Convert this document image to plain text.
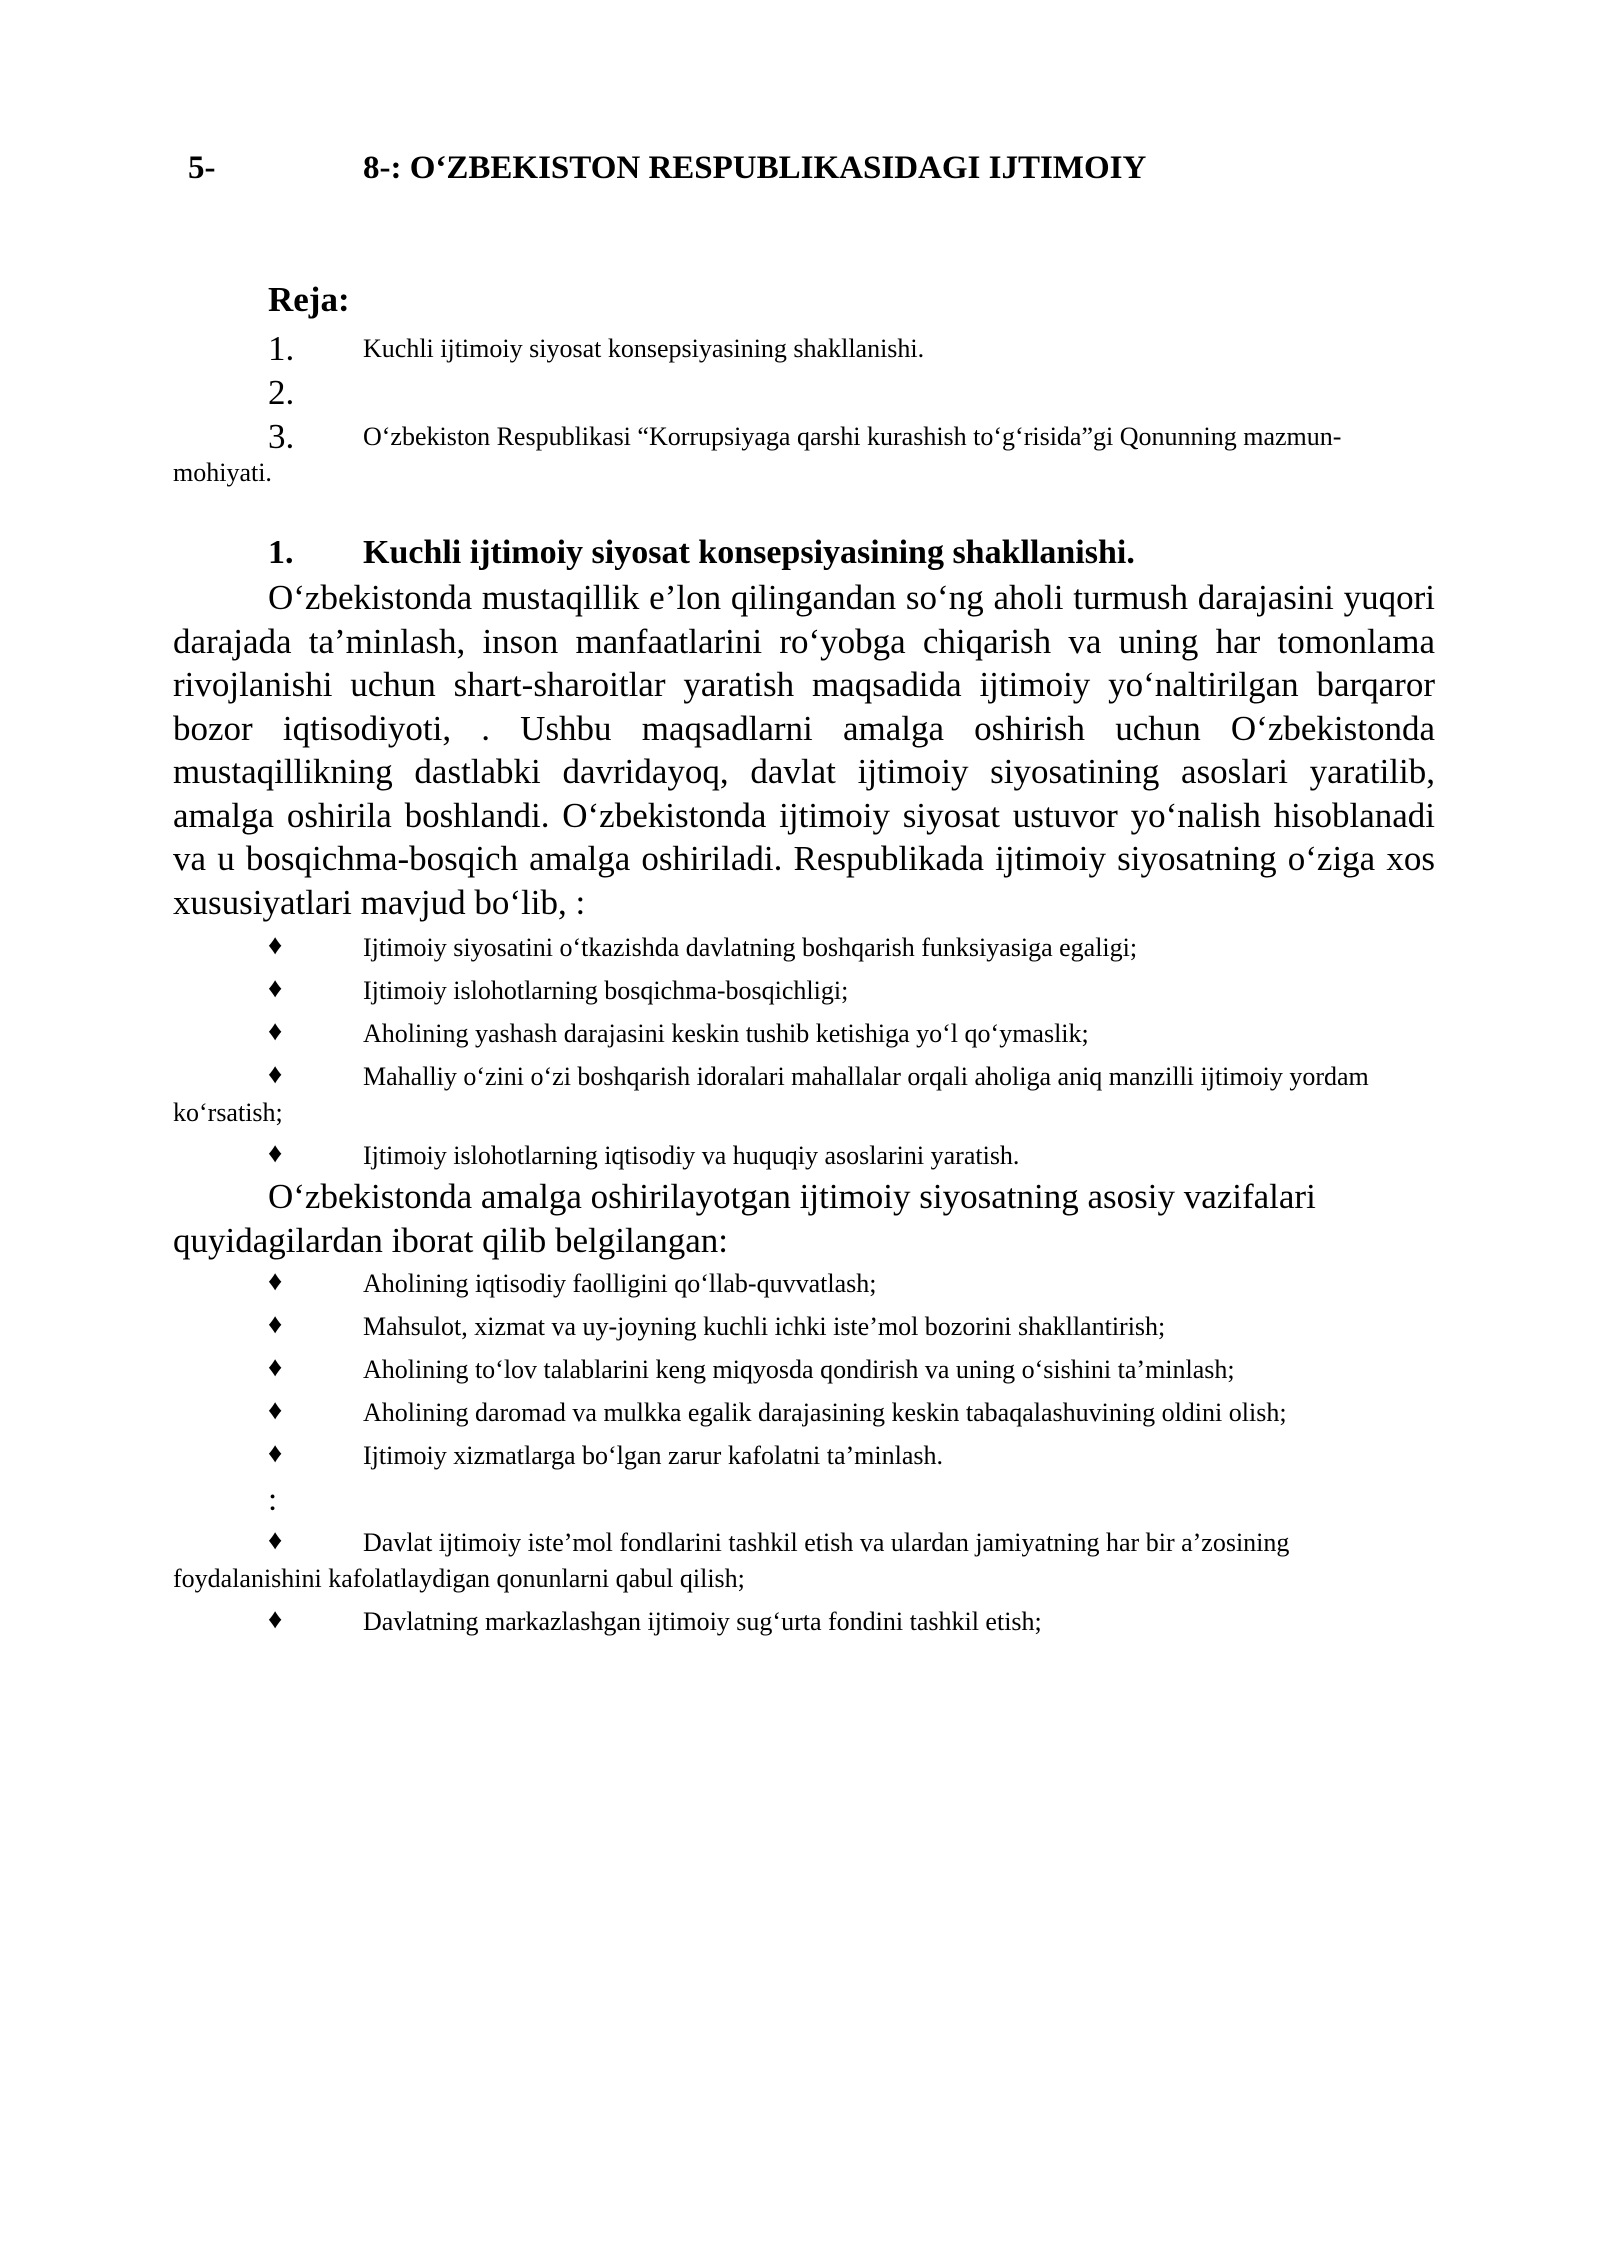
5-	8-: O‘ZBEKISTON RESPUBLIKASIDAGI IJTIMOIY
Reja:
1.	Kuchli ijtimoiy siyosat konsepsiyasining shakllanishi.
2.
3.	O‘zbekiston Respublikasi “Korrupsiyaga qarshi kurashish to‘g‘risida”gi Qonunning mazmun-mohiyati.
1. Kuchli ijtimoiy siyosat konsepsiyasining shakllanishi.
O‘zbekistonda mustaqillik e’lon qilingandan so‘ng aholi turmush darajasini yuqori darajada ta’minlash, inson manfaatlarini ro‘yobga chiqarish va uning har tomonlama rivojlanishi uchun shart-sharoitlar yaratish maqsadida ijtimoiy yo‘naltirilgan barqaror bozor iqtisodiyoti, . Ushbu maqsadlarni amalga oshirish uchun O‘zbekistonda mustaqillikning dastlabki davridayoq, davlat ijtimoiy siyosatining asoslari yaratilib, amalga oshirila boshlandi. O‘zbekistonda ijtimoiy siyosat ustuvor yo‘nalish hisoblanadi va u bosqichma-bosqich amalga oshiriladi. Respublikada ijtimoiy siyosatning o‘ziga xos xususiyatlari mavjud bo‘lib, :
♦	Ijtimoiy siyosatini o‘tkazishda davlatning boshqarish funksiyasiga egaligi;
♦	Ijtimoiy islohotlarning bosqichma-bosqichligi;
♦	Aholining yashash darajasini keskin tushib ketishiga yo‘l qo‘ymaslik;
♦	Mahalliy o‘zini o‘zi boshqarish idoralari mahallalar orqali aholiga aniq manzilli ijtimoiy yordam ko‘rsatish;
♦	Ijtimoiy islohotlarning iqtisodiy va huquqiy asoslarini yaratish.
O‘zbekistonda amalga oshirilayotgan ijtimoiy siyosatning asosiy vazifalari quyidagilardan iborat qilib belgilangan:
♦	Aholining iqtisodiy faolligini qo‘llab-quvvatlash;
♦	Mahsulot, xizmat va uy-joyning kuchli ichki iste’mol bozorini shakllantirish;
♦	Aholining to‘lov talablarini keng miqyosda qondirish va uning o‘sishini ta’minlash;
♦	Aholining daromad va mulkka egalik darajasining keskin tabaqalashuvining oldini olish;
♦	Ijtimoiy xizmatlarga bo‘lgan zarur kafolatni ta’minlash.
:
♦	Davlat ijtimoiy iste’mol fondlarini tashkil etish va ulardan jamiyatning har bir a’zosining foydalanishini kafolatlaydigan qonunlarni qabul qilish;
♦	Davlatning markazlashgan ijtimoiy sug‘urta fondini tashkil etish;
